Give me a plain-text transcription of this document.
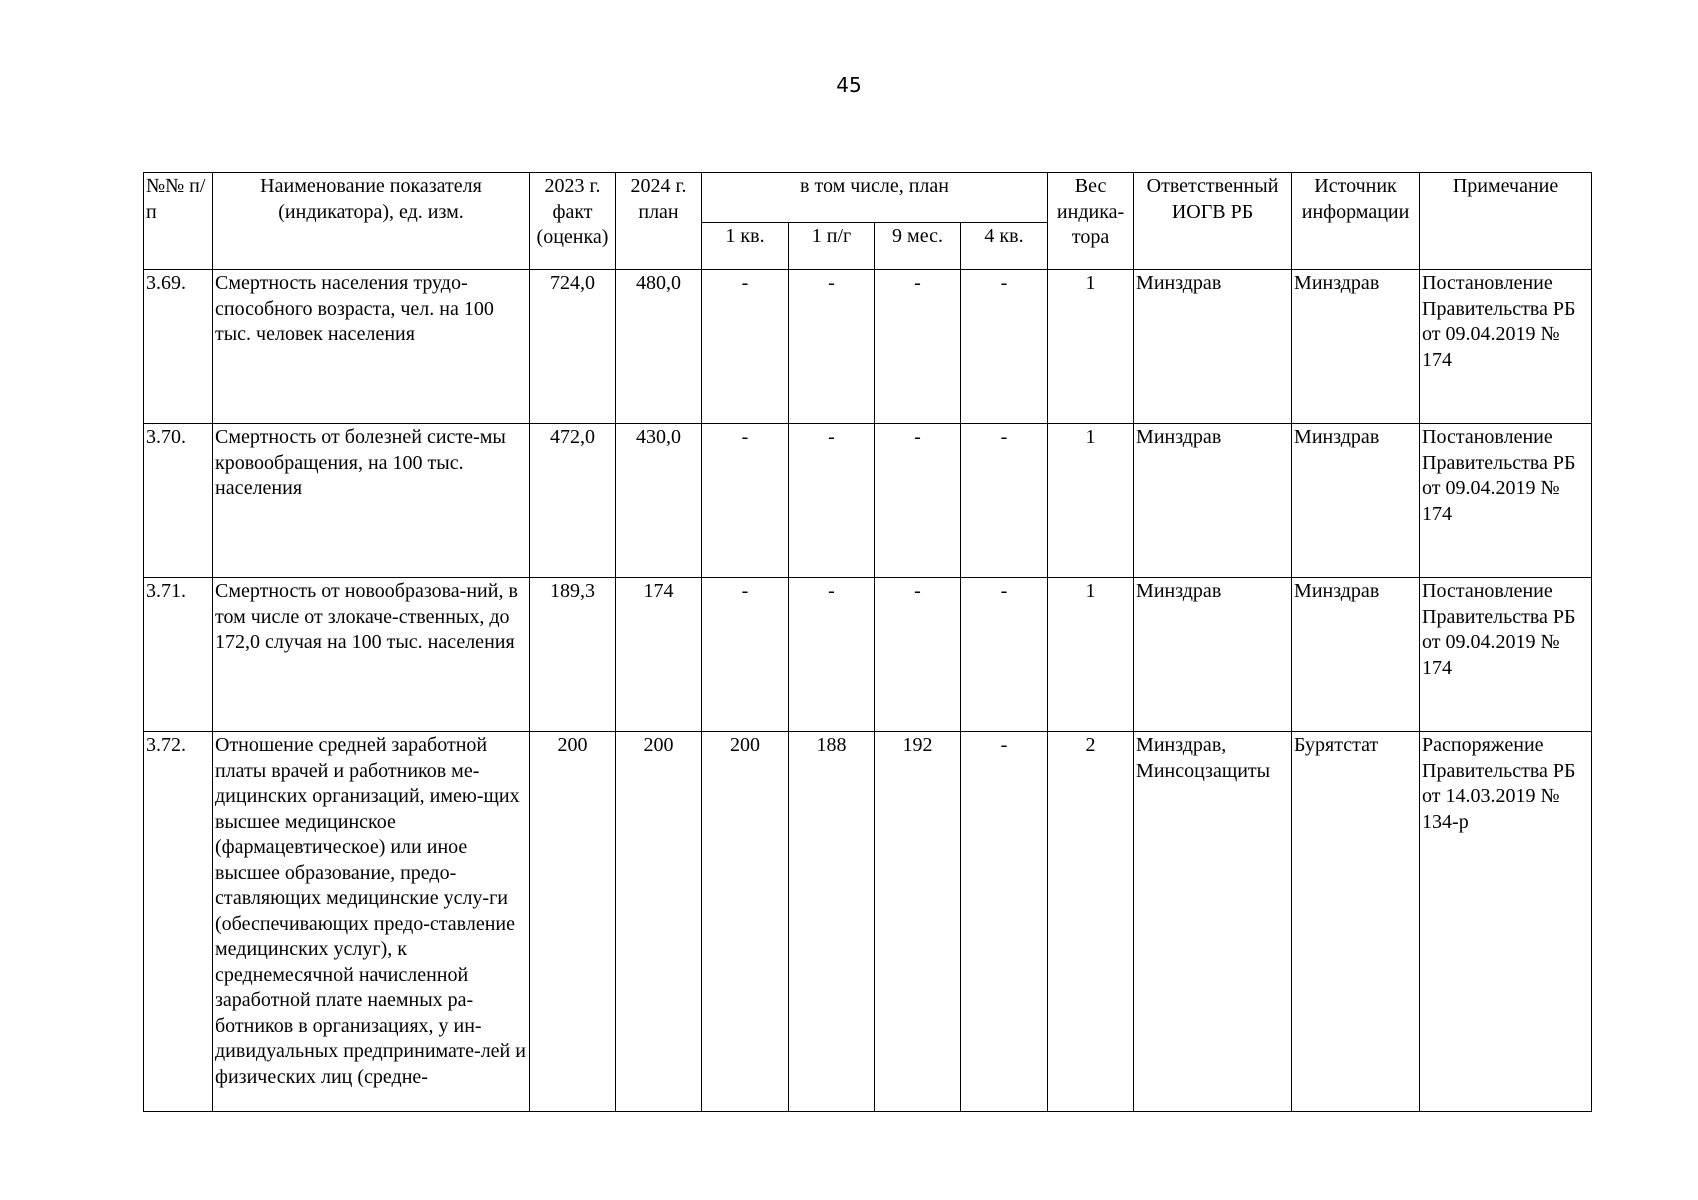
45
№№ п/п	Наименование показателя (индикатора), ед. изм.	2023 г. факт (оценка)	2024 г. план	в том числе, план				Вес индика-тора	Ответственный ИОГВ РБ	Источник информации	Примечание
				1 кв.	1 п/г	9 мес.	4 кв.				
3.69.	Смертность населения трудо-способного возраста, чел. на 100 тыс. человек населения	724,0	480,0	-	-	-	-	1	Минздрав	Минздрав	Постановление Правительства РБ от 09.04.2019 № 174
3.70.	Смертность от болезней систе-мы кровообращения, на 100 тыс. населения	472,0	430,0	-	-	-	-	1	Минздрав	Минздрав	Постановление Правительства РБ от 09.04.2019 № 174
3.71.	Смертность от новообразова-ний, в том числе от злокаче-ственных, до 172,0 случая на 100 тыс. населения	189,3	174	-	-	-	-	1	Минздрав	Минздрав	Постановление Правительства РБ от 09.04.2019 № 174
3.72.	Отношение средней заработной платы врачей и работников ме-дицинских организаций, имею-щих высшее медицинское (фармацевтическое) или иное высшее образование, предо-ставляющих медицинские услу-ги (обеспечивающих предо-ставление медицинских услуг), к среднемесячной начисленной заработной плате наемных ра-ботников в организациях, у ин-дивидуальных предпринимате-лей и физических лиц (средне-	200	200	200	188	192	-	2	Минздрав, Минсоцзащиты	Бурятстат	Распоряжение Правительства РБ от 14.03.2019 № 134-р
